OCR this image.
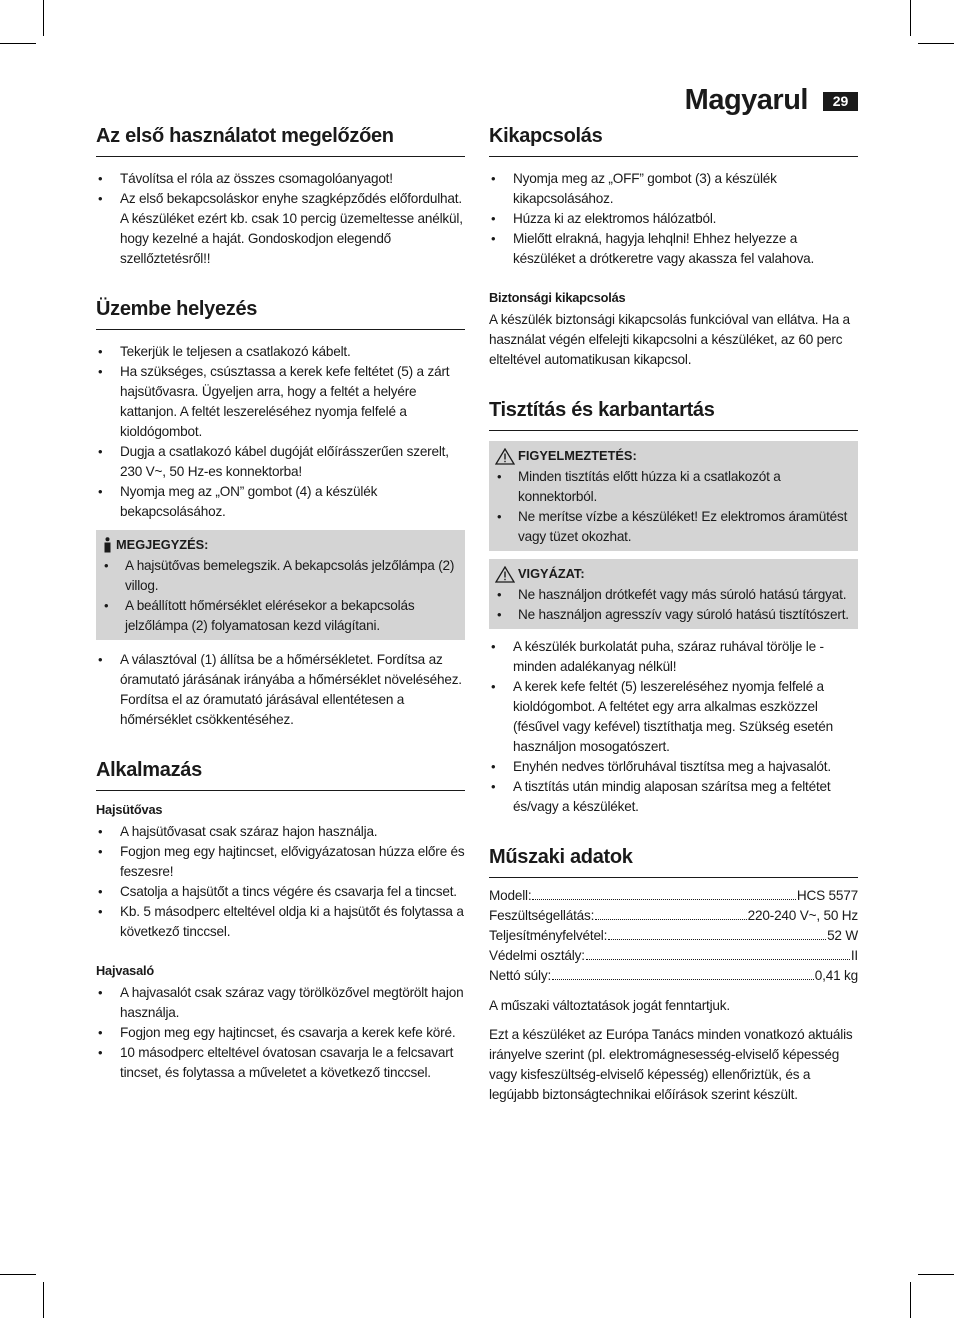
Magyarul	29
Az első használatot megelőzően
• Távolítsa el róla az összes csomagolóanyagot!
• Az első bekapcsoláskor enyhe szagképződés előfordulhat. A készüléket ezért kb. csak 10 percig üzemeltesse anélkül, hogy kezelné a haját. Gondoskodjon elegendő szellőztetésről!!
Üzembe helyezés
• Tekerjük le teljesen a csatlakozó kábelt.
• Ha szükséges, csúsztassa a kerek kefe feltétet (5) a zárt hajsütővasra. Ügyeljen arra, hogy a feltét a helyére kattanjon. A feltét leszereléséhez nyomja felfelé a kioldógombot.
• Dugja a csatlakozó kábel dugóját előírásszerűen szerelt, 230 V~, 50 Hz-es konnektorba!
• Nyomja meg az „ON” gombot (4) a készülék bekapcsolásához.
MEGJEGYZÉS:
• A hajsütővas bemelegszik. A bekapcsolás jelzőlámpa (2) villog.
• A beállított hőmérséklet elérésekor a bekapcsolás jelzőlámpa (2) folyamatosan kezd világítani.
• A választóval (1) állítsa be a hőmérsékletet. Fordítsa az óramutató járásának irányába a hőmérséklet növeléséhez. Fordítsa el az óramutató járásával ellentétesen a hőmérséklet csökkentéséhez.
Alkalmazás
Hajsütővas
• A hajsütővasat csak száraz hajon használja.
• Fogjon meg egy hajtincset, elővigyázatosan húzza előre és feszesre!
• Csatolja a hajsütőt a tincs végére és csavarja fel a tincset.
• Kb. 5 másodperc elteltével oldja ki a hajsütőt és folytassa a következő tinccsel.
Hajvasaló
• A hajvasalót csak száraz vagy törölközővel megtörölt hajon használja.
• Fogjon meg egy hajtincset, és csavarja a kerek kefe köré.
• 10 másodperc elteltével óvatosan csavarja le a felcsavart tincset, és folytassa a műveletet a következő tinccsel.
Kikapcsolás
• Nyomja meg az „OFF” gombot (3) a készülék kikapcsolásához.
• Húzza ki az elektromos hálózatból.
• Mielőtt elrakná, hagyja lehqlni! Ehhez helyezze a készüléket a drótkeretre vagy akassza fel valahova.
Biztonsági kikapcsolás

A készülék biztonsági kikapcsolás funkcióval van ellátva. Ha a használat végén elfelejti kikapcsolni a készüléket, az 60 perc elteltével automatikusan kikapcsol.

Tisztítás és karbantartás
FIGYELMEZTETÉS:
• Minden tisztítás előtt húzza ki a csatlakozót a konnektorból.
• Ne merítse vízbe a készüléket! Ez elektromos áramütést vagy tüzet okozhat.
VIGYÁZAT:
• Ne használjon drótkefét vagy más súroló hatású tárgyat.
• Ne használjon agresszív vagy súroló hatású tisztítószert.
• A készülék burkolatát puha, száraz ruhával törölje le - minden adalékanyag nélkül!
• A kerek kefe feltét (5) leszereléséhez nyomja felfelé a kioldógombot. A feltétet egy arra alkalmas eszközzel (fésűvel vagy kefével) tisztíthatja meg. Szükség esetén használjon mosogatószert.
• Enyhén nedves törlőruhával tisztítsa meg a hajvasalót.
• A tisztítás után mindig alaposan szárítsa meg a feltétet és/vagy a készüléket.
Műszaki adatok
Modell:	HCS 5577
Feszültségellátás:	220-240 V~, 50 Hz
Teljesítményfelvétel:	52 W
Védelmi osztály:	II
Nettó súly:	0,41 kg

A műszaki változtatások jogát fenntartjuk.

Ezt a készüléket az Európa Tanács minden vonatkozó aktuális irányelve szerint (pl. elektromágnesesség-elviselő képesség vagy kisfeszültség-elviselő képesség) ellenőriztük, és a legújabb biztonságtechnikai előírások szerint készült.
